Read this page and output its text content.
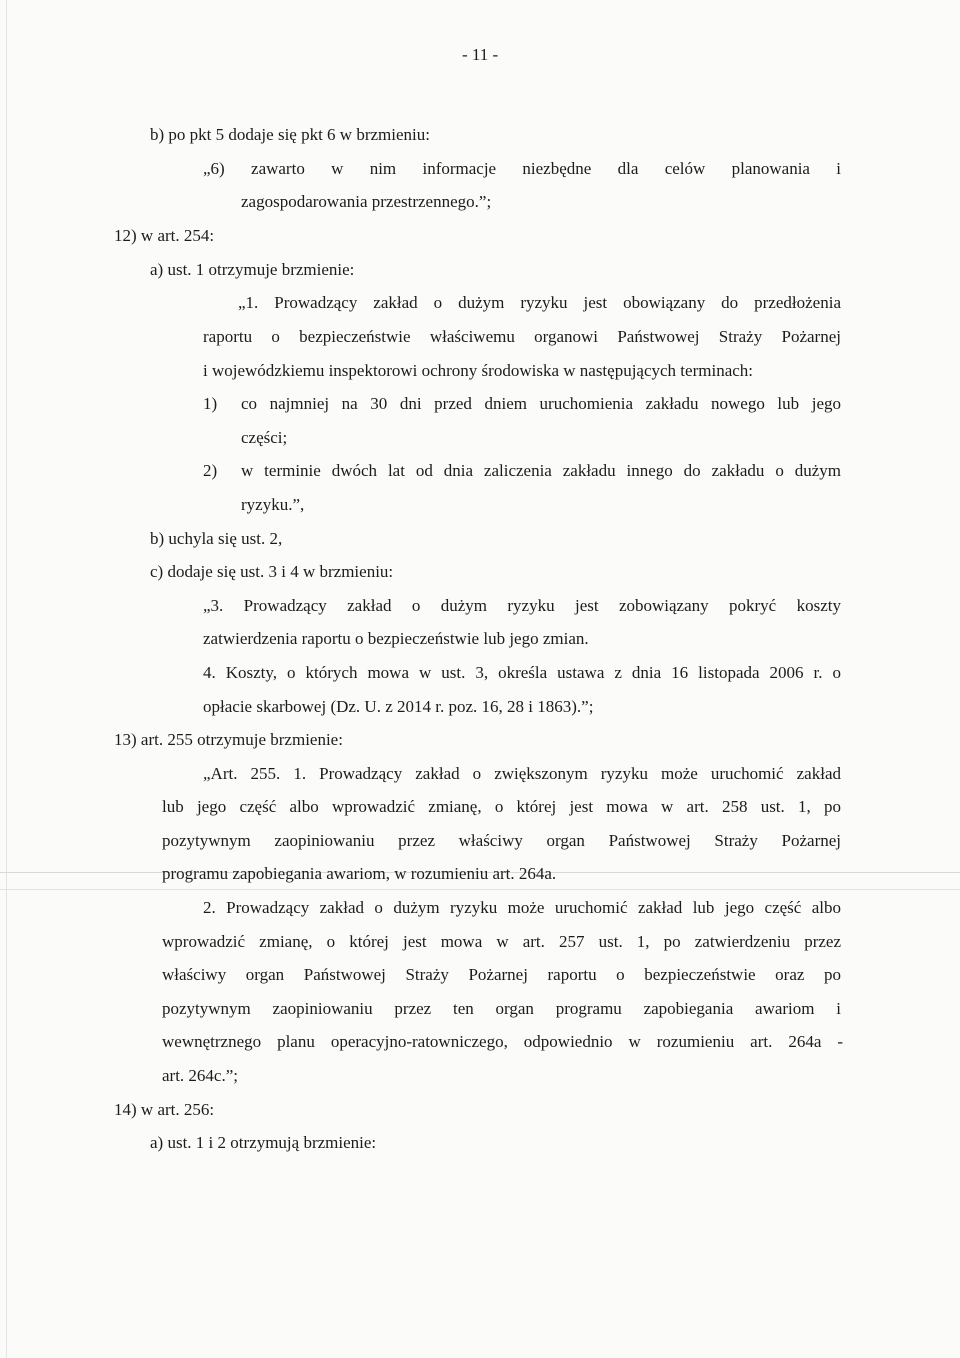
- 11 -
b) po pkt 5 dodaje się pkt 6 w brzmieniu:
„6) zawarto w nim informacje niezbędne dla celów planowania i
zagospodarowania przestrzennego.”;
12) w art. 254:
a) ust. 1 otrzymuje brzmienie:
„1. Prowadzący zakład o dużym ryzyku jest obowiązany do przedłożenia
raportu o bezpieczeństwie właściwemu organowi Państwowej Straży Pożarnej
i wojewódzkiemu inspektorowi ochrony środowiska w następujących terminach:
1) co najmniej na 30 dni przed dniem uruchomienia zakładu nowego lub jego
części;
2) w terminie dwóch lat od dnia zaliczenia zakładu innego do zakładu o dużym
ryzyku.”,
b) uchyla się ust. 2,
c) dodaje się ust. 3 i 4 w brzmieniu:
„3. Prowadzący zakład o dużym ryzyku jest zobowiązany pokryć koszty
zatwierdzenia raportu o bezpieczeństwie lub jego zmian.
4. Koszty, o których mowa w ust. 3, określa ustawa z dnia 16 listopada 2006 r. o
opłacie skarbowej (Dz. U. z 2014 r. poz. 16, 28 i 1863).”;
13) art. 255 otrzymuje brzmienie:
„Art. 255. 1. Prowadzący zakład o zwiększonym ryzyku może uruchomić zakład
lub jego część albo wprowadzić zmianę, o której jest mowa w art. 258 ust. 1, po
pozytywnym zaopiniowaniu przez właściwy organ Państwowej Straży Pożarnej
programu zapobiegania awariom, w rozumieniu art. 264a.
2. Prowadzący zakład o dużym ryzyku może uruchomić zakład lub jego część albo
wprowadzić zmianę, o której jest mowa w art. 257 ust. 1, po zatwierdzeniu przez
właściwy organ Państwowej Straży Pożarnej raportu o bezpieczeństwie oraz po
pozytywnym zaopiniowaniu przez ten organ programu zapobiegania awariom i
wewnętrznego planu operacyjno-ratowniczego, odpowiednio w rozumieniu art. 264a -
art. 264c.”;
14) w art. 256:
a) ust. 1 i 2 otrzymują brzmienie:
